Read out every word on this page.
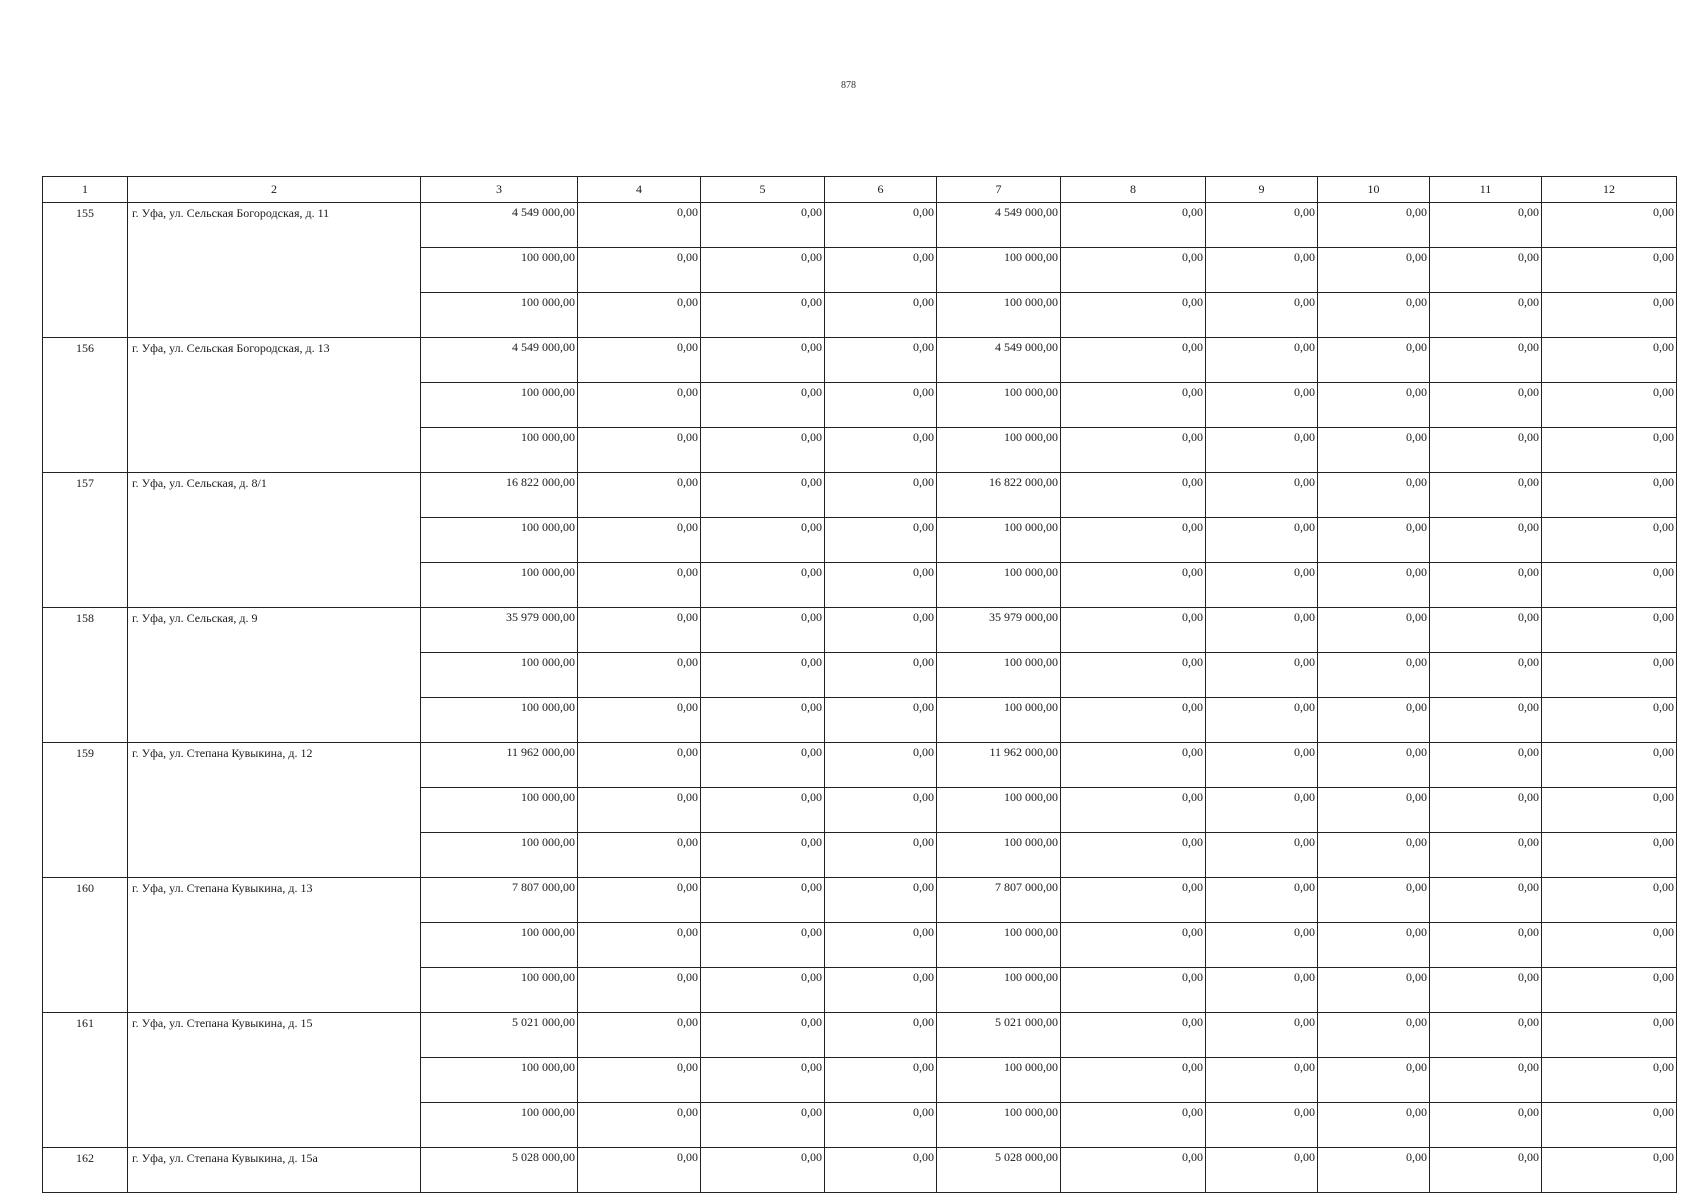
878
1	2	3	4	5	6	7	8	9	10	11	12
155	г. Уфа, ул. Сельская Богородская, д. 11	4 549 000,00	0,00	0,00	0,00	4 549 000,00	0,00	0,00	0,00	0,00	0,00
		100 000,00	0,00	0,00	0,00	100 000,00	0,00	0,00	0,00	0,00	0,00
		100 000,00	0,00	0,00	0,00	100 000,00	0,00	0,00	0,00	0,00	0,00
156	г. Уфа, ул. Сельская Богородская, д. 13	4 549 000,00	0,00	0,00	0,00	4 549 000,00	0,00	0,00	0,00	0,00	0,00
		100 000,00	0,00	0,00	0,00	100 000,00	0,00	0,00	0,00	0,00	0,00
		100 000,00	0,00	0,00	0,00	100 000,00	0,00	0,00	0,00	0,00	0,00
157	г. Уфа, ул. Сельская, д. 8/1	16 822 000,00	0,00	0,00	0,00	16 822 000,00	0,00	0,00	0,00	0,00	0,00
		100 000,00	0,00	0,00	0,00	100 000,00	0,00	0,00	0,00	0,00	0,00
		100 000,00	0,00	0,00	0,00	100 000,00	0,00	0,00	0,00	0,00	0,00
158	г. Уфа, ул. Сельская, д. 9	35 979 000,00	0,00	0,00	0,00	35 979 000,00	0,00	0,00	0,00	0,00	0,00
		100 000,00	0,00	0,00	0,00	100 000,00	0,00	0,00	0,00	0,00	0,00
		100 000,00	0,00	0,00	0,00	100 000,00	0,00	0,00	0,00	0,00	0,00
159	г. Уфа, ул. Степана Кувыкина, д. 12	11 962 000,00	0,00	0,00	0,00	11 962 000,00	0,00	0,00	0,00	0,00	0,00
		100 000,00	0,00	0,00	0,00	100 000,00	0,00	0,00	0,00	0,00	0,00
		100 000,00	0,00	0,00	0,00	100 000,00	0,00	0,00	0,00	0,00	0,00
160	г. Уфа, ул. Степана Кувыкина, д. 13	7 807 000,00	0,00	0,00	0,00	7 807 000,00	0,00	0,00	0,00	0,00	0,00
		100 000,00	0,00	0,00	0,00	100 000,00	0,00	0,00	0,00	0,00	0,00
		100 000,00	0,00	0,00	0,00	100 000,00	0,00	0,00	0,00	0,00	0,00
161	г. Уфа, ул. Степана Кувыкина, д. 15	5 021 000,00	0,00	0,00	0,00	5 021 000,00	0,00	0,00	0,00	0,00	0,00
		100 000,00	0,00	0,00	0,00	100 000,00	0,00	0,00	0,00	0,00	0,00
		100 000,00	0,00	0,00	0,00	100 000,00	0,00	0,00	0,00	0,00	0,00
162	г. Уфа, ул. Степана Кувыкина, д. 15а	5 028 000,00	0,00	0,00	0,00	5 028 000,00	0,00	0,00	0,00	0,00	0,00
